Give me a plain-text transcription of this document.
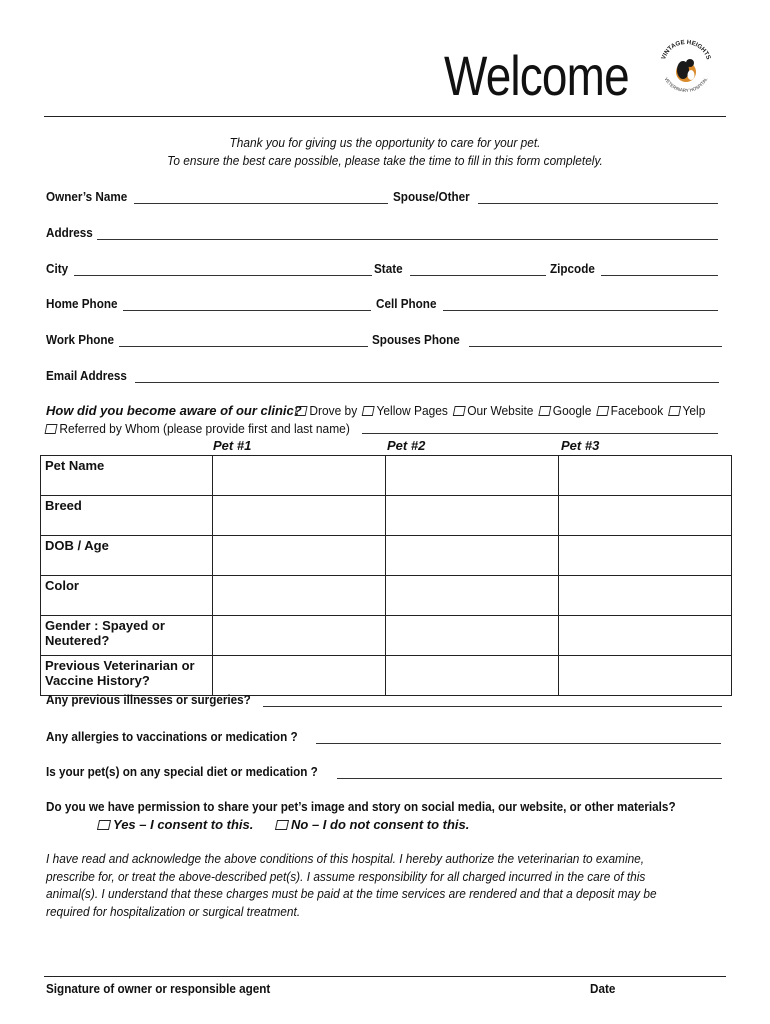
Welcome	VINTAGE HEIGHTS
VETERINARY HOSPITAL
Thank you for giving us the opportunity to care for your pet.
To ensure the best care possible, please take the time to fill in this form completely.
Owner’s Name	Spouse/Other
Address
City	State	Zipcode
Home Phone	Cell Phone
Work Phone	Spouses Phone
Email Address
How did you become aware of our clinic? Drove by Yellow Pages Our Website Google Facebook Yelp
Referred by Whom (please provide first and last name)
Pet #1	Pet #2	Pet #3
Pet Name			
Breed			
DOB / Age			
Color			
Gender : Spayed or Neutered?			
Previous Veterinarian or Vaccine History?			
Any previous illnesses or surgeries?
Any allergies to vaccinations or medication ?
Is your pet(s) on any special diet or medication ?
Do you we have permission to share your pet’s image and story on social media, our website, or other materials?
Yes – I consent to this.	No – I do not consent to this.
I have read and acknowledge the above conditions of this hospital. I hereby authorize the veterinarian to examine, prescribe for, or treat the above-described pet(s). I assume responsibility for all charged incurred in the care of this animal(s). I understand that these charges must be paid at the time services are rendered and that a deposit may be required for hospitalization or surgical treatment.
Signature of owner or responsible agent	Date
